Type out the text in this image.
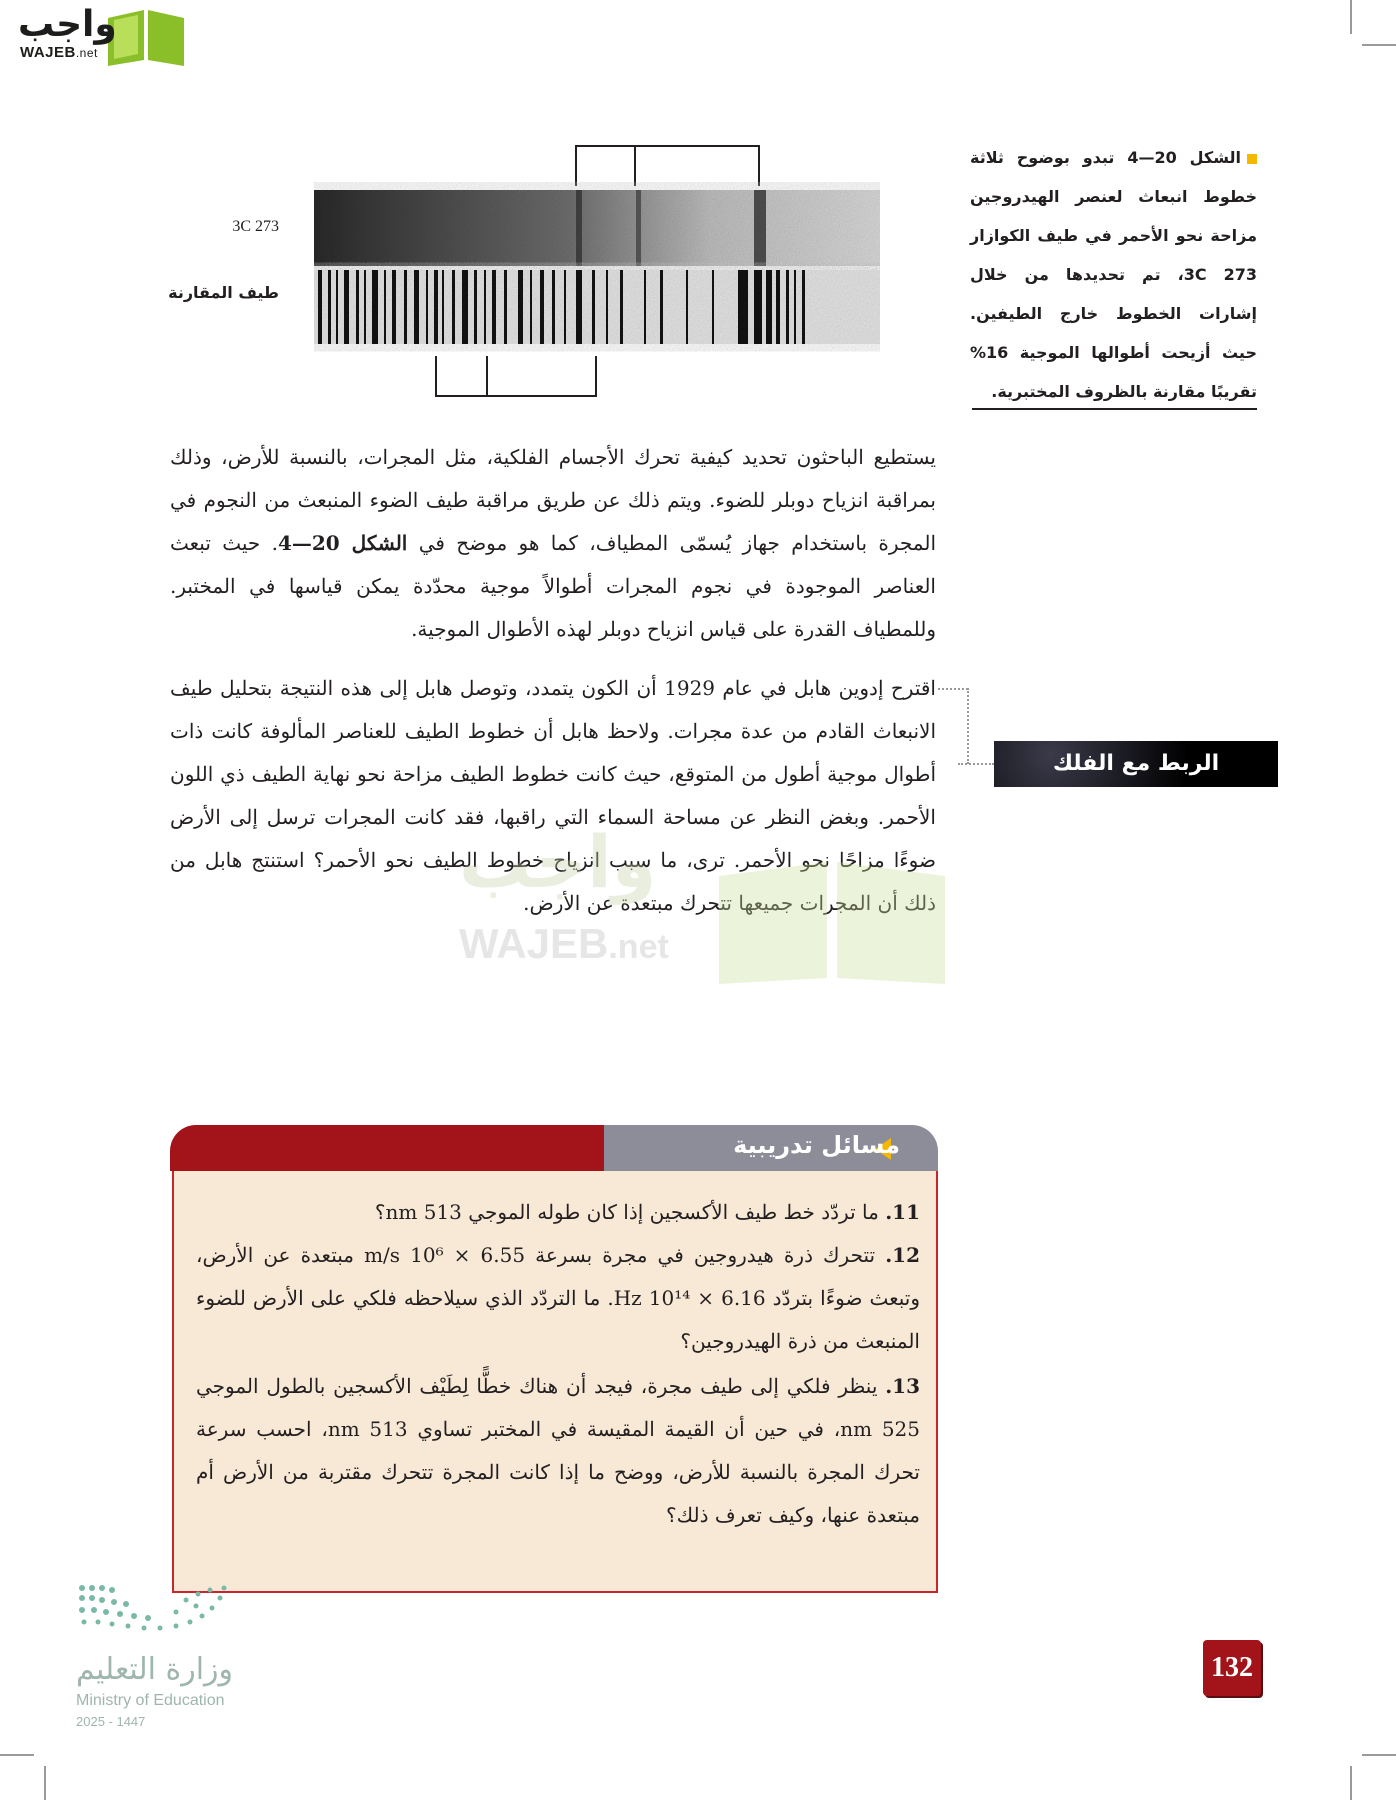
واجب
WAJEB.net
الشكل 20—4 تبدو بوضوح ثلاثة خطوط انبعاث لعنصر الهيدروجين مزاحة نحو الأحمر في طيف الكوازار 3C 273، تم تحديدها من خلال إشارات الخطوط خارج الطيفين. حيث أزيحت أطوالها الموجية 16% تقريبًا مقارنة بالظروف المختبرية.
3C 273
طيف المقارنة
يستطيع الباحثون تحديد كيفية تحرك الأجسام الفلكية، مثل المجرات، بالنسبة للأرض، وذلك بمراقبة انزياح دوبلر للضوء. ويتم ذلك عن طريق مراقبة طيف الضوء المنبعث من النجوم في المجرة باستخدام جهاز يُسمّى المطياف، كما هو موضح في الشكل 20—4. حيث تبعث العناصر الموجودة في نجوم المجرات أطوالاً موجية محدّدة يمكن قياسها في المختبر. وللمطياف القدرة على قياس انزياح دوبلر لهذه الأطوال الموجية.
الربط مع الفلك
اقترح إدوين هابل في عام 1929 أن الكون يتمدد، وتوصل هابل إلى هذه النتيجة بتحليل طيف الانبعاث القادم من عدة مجرات. ولاحظ هابل أن خطوط الطيف للعناصر المألوفة كانت ذات أطوال موجية أطول من المتوقع، حيث كانت خطوط الطيف مزاحة نحو نهاية الطيف ذي اللون الأحمر. وبغض النظر عن مساحة السماء التي راقبها، فقد كانت المجرات ترسل إلى الأرض ضوءًا مزاحًا نحو الأحمر. ترى، ما سبب انزياح خطوط الطيف نحو الأحمر؟ استنتج هابل من ذلك أن المجرات جميعها تتحرك مبتعدة عن الأرض.
واجب
WAJEB.net
مسائل تدريبية
11. ما تردّد خط طيف الأكسجين إذا كان طوله الموجي 513 nm؟
12. تتحرك ذرة هيدروجين في مجرة بسرعة 6.55 × 10⁶ m/s مبتعدة عن الأرض، وتبعث ضوءًا بتردّد 6.16 × 10¹⁴ Hz. ما التردّد الذي سيلاحظه فلكي على الأرض للضوء المنبعث من ذرة الهيدروجين؟
13. ينظر فلكي إلى طيف مجرة، فيجد أن هناك خطًّا لِطَيْف الأكسجين بالطول الموجي 525 nm، في حين أن القيمة المقيسة في المختبر تساوي 513 nm، احسب سرعة تحرك المجرة بالنسبة للأرض، ووضح ما إذا كانت المجرة تتحرك مقتربة من الأرض أم مبتعدة عنها، وكيف تعرف ذلك؟
وزارة التعليم
Ministry of Education
2025 - 1447
132
